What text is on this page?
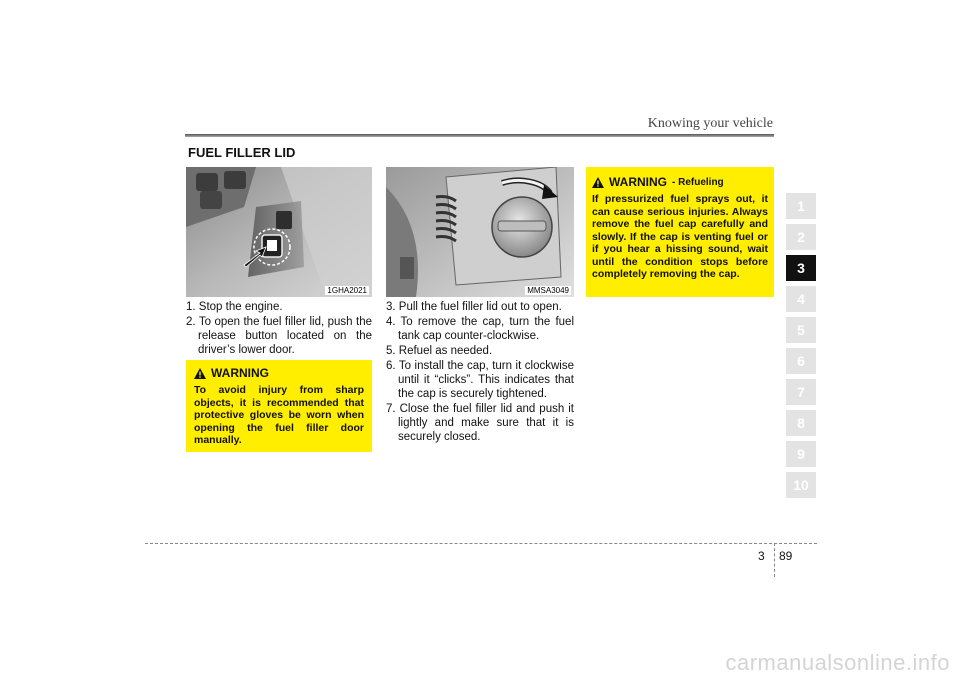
Knowing your vehicle
FUEL FILLER LID
1GHA2021	MMSA3049

1. Stop the engine.

2. To open the fuel filler lid, push the release button located on the driver’s lower door.

3. Pull the fuel filler lid out to open.

4. To remove the cap, turn the fuel tank cap counter-clockwise.

5. Refuel as needed.

6. To install the cap, turn it clockwise until it “clicks”. This indicates that the cap is securely tightened.

7. Close the fuel filler lid and push it lightly and make sure that it is securely closed.

WARNING
To avoid injury from sharp objects, it is recommended that protective gloves be worn when opening the fuel filler door manually.
WARNING - Refueling
If pressurized fuel sprays out, it can cause serious injuries. Always remove the fuel cap carefully and slowly. If the cap is venting fuel or if you hear a hissing sound, wait until the condition stops before completely removing the cap.
1
2
3
4
5
6
7
8
9
10
3 89
carmanualsonline.info
